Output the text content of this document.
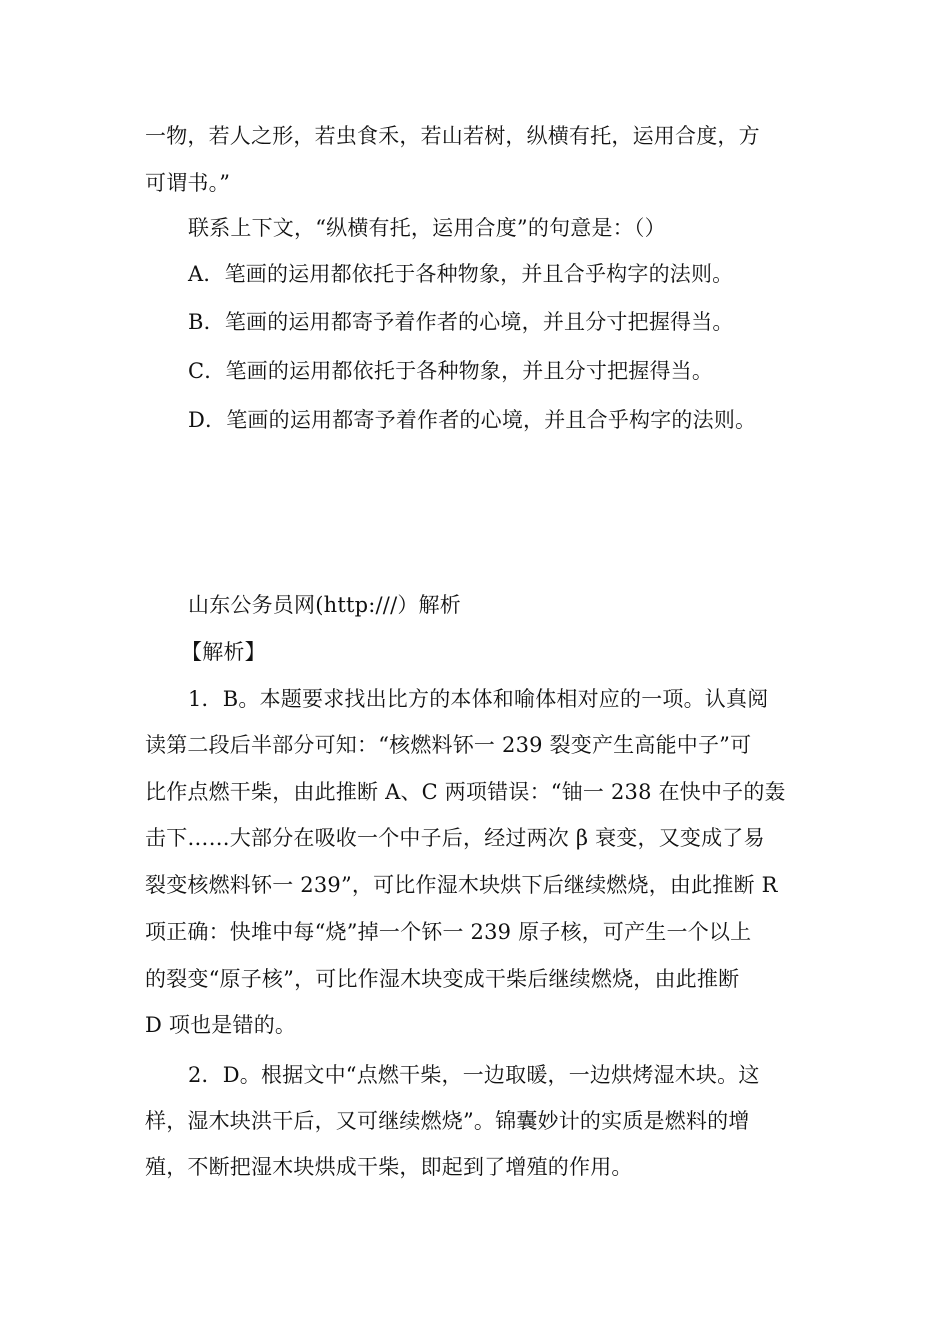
一物，若人之形，若虫食禾，若山若树，纵横有托，运用合度，方
可谓书。”
联系上下文，“纵横有托，运用合度”的句意是：（）
A．笔画的运用都依托于各种物象，并且合乎构字的法则。
B．笔画的运用都寄予着作者的心境，并且分寸把握得当。
C．笔画的运用都依托于各种物象，并且分寸把握得当。
D．笔画的运用都寄予着作者的心境，并且合乎构字的法则。
山东公务员网(http:///）解析
【解析】
1．B。本题要求找出比方的本体和喻体相对应的一项。认真阅
读第二段后半部分可知：“核燃料钚一 239 裂变产生高能中子”可
比作点燃干柴，由此推断 A、C 两项错误：“铀一 238 在快中子的轰
击下……大部分在吸收一个中子后，经过两次 β 衰变，又变成了易
裂变核燃料钚一 239”，可比作湿木块烘下后继续燃烧，由此推断 R
项正确：快堆中每“烧”掉一个钚一 239 原子核，可产生一个以上
的裂变“原子核”，可比作湿木块变成干柴后继续燃烧，由此推断
D 项也是错的。
2．D。根据文中“点燃干柴，一边取暖，一边烘烤湿木块。这
样，湿木块洪干后，又可继续燃烧”。锦囊妙计的实质是燃料的增
殖，不断把湿木块烘成干柴，即起到了增殖的作用。
